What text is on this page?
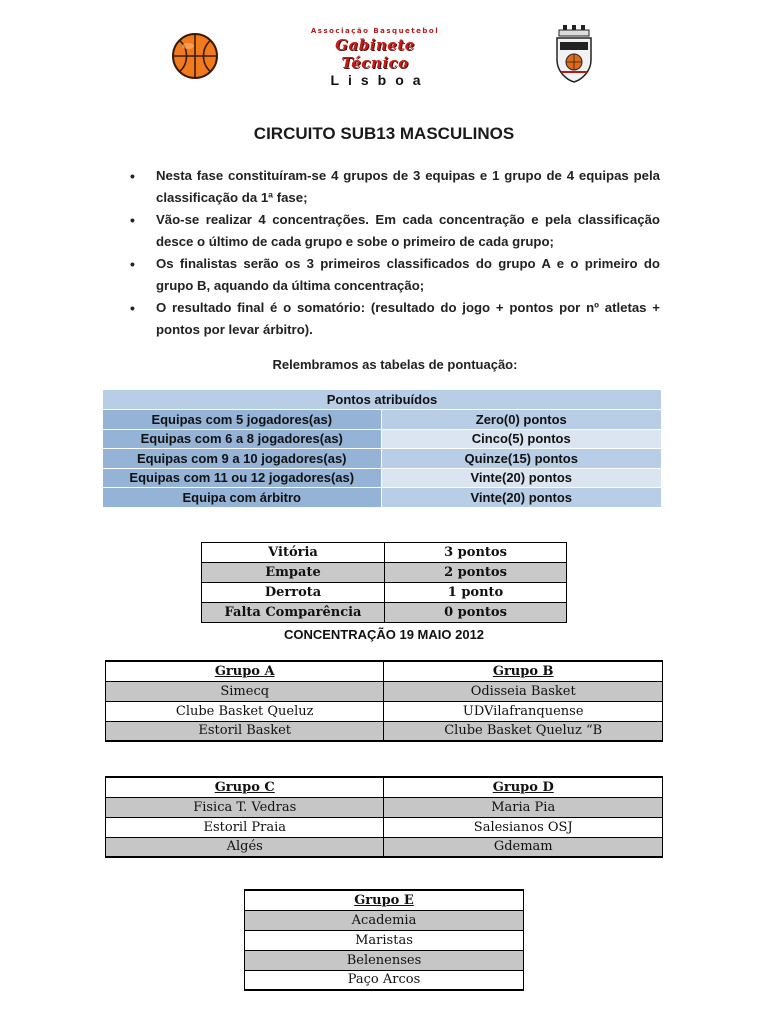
Associação Basquetebol
Gabinete Técnico
Lisboa
CIRCUITO SUB13 MASCULINOS
• Nesta fase constituíram-se 4 grupos de 3 equipas e 1 grupo de 4 equipas pela classificação da 1ª fase;
• Vão-se realizar 4 concentrações. Em cada concentração e pela classificação desce o último de cada grupo e sobe o primeiro de cada grupo;
• Os finalistas serão os 3 primeiros classificados do grupo A e o primeiro do grupo B, aquando da última concentração;
• O resultado final é o somatório: (resultado do jogo + pontos por nº atletas + pontos por levar árbitro).
Relembramos as tabelas de pontuação:
Pontos atribuídos	
Equipas com 5 jogadores(as)	Zero(0) pontos
Equipas com 6 a 8 jogadores(as)	Cinco(5) pontos
Equipas com 9 a 10 jogadores(as)	Quinze(15) pontos
Equipas com 11 ou 12 jogadores(as)	Vinte(20) pontos
Equipa com árbitro	Vinte(20) pontos
Vitória	3 pontos
Empate	2 pontos
Derrota	1 ponto
Falta Comparência	0 pontos
CONCENTRAÇÃO 19 MAIO 2012
Grupo A	Grupo B
Simecq	Odisseia Basket
Clube Basket Queluz	UDVilafranquense
Estoril Basket	Clube Basket Queluz “B
Grupo C	Grupo D
Fisica T. Vedras	Maria Pia
Estoril Praia	Salesianos OSJ
Algés	Gdemam
Grupo E
Academia
Maristas
Belenenses
Paço Arcos
